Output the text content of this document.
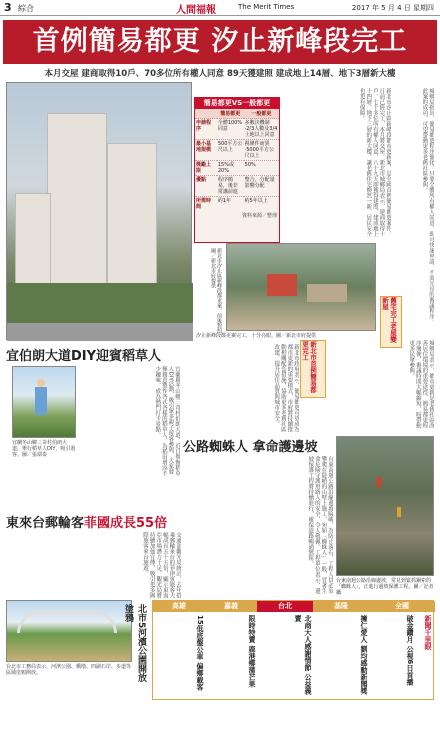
3 綜合	人間福報	The Merit Times	2017 年 5 月 4 日 星期四
首例簡易都更 汐止新峰段完工
本月交屋 建商取得10戶、70多位所有權人同意 89天獲建照 建成地上14層、地下3層新大樓
簡易都更VS一般都更
	簡易都更	一般都更
申請程序	全體100%同意	多數決機制·2/3人數及3/4土地以上同意
最小基地規模	500平方公尺以上	視條件而異·5000平方公尺以上
獎勵上限	15%或20%	50%
優點	程序簡易，後非常講前進	整合，分配量影響分配
所需時間	約1年	約5年以上
資料來源／整理	新北市汐止區新峰段都市更新案，是全國首例簡易都更案件，日前已經完工，本月將交屋。新北市城鄉局表示，建商取得十戶、七十多位所有權人同意，八十九天即獲得建照，建成地上十四層、地下三層的新大樓，讓老舊住宅煥然一新，居民安全也更有保障。	城鄉局指出，簡易都更程序簡化，只要全體所有權人同意，即可快速申請，不需冗長的審議程序。此案的成功，可望帶動更多老舊社區參與。
舊宅完工老屋變新屋
新北市汐止區新峰段都更案，前後對照。圖／新北市府提供
汐止新峰段都更案完工，十分亮眼。圖／新北市府提供
宜伯朗大道DIY迎賓稻草人
宜蘭冬山鄉三奇村伯朗大道，舉行稻草人DIY，吸引遊客。圖／張瑞泰	宜蘭縣冬山鄉三奇村伯朗大道，近日舉辦稻草人DIY活動，吸引眾多親子遊客參與，大家發揮創意製作各式各樣的稻草人，為稻田增添不少趣味，成為熱門打卡景點。	新北市政府表示，簡易都更可望成為都市更新的重要模式，市府將持續推動相關配套措施，協助更多老舊社區改建，提升居住品質與城市安全。	新北市首例簡易都更完工	城鄉局表示，都市更新是老舊社區改善居住環境的重要途徑，簡易都更程序簡便，審議時間大幅縮短，盼帶動更多民眾參與。
公路蜘蛛人 拿命護邊坡
台東南迴公路沿線邊坡險峻，為防止落石，工程人員必須攀爬在陡峭的山壁上施工，宛如「蜘蛛人」一般，冒著生命危險守護用路人的安全，令人敬佩。工程單位表示，邊坡保護工程將持續進行，確保道路暢通無阻。
台東南迴公路沿線邊坡，常見到緊抓鋼索的「蜘蛛人」，正進行邊坡保護工程。圖／記者攝
東來台郵輪客菲國成長55倍
交通部觀光局統計，去年搭乘郵輪來台的菲律賓旅客大幅成長五十五倍，顯示東南亞市場潛力十足，觀光局將持續加強宣傳，吸引更多國際旅客來台旅遊。
台北市工務局表示，河濱公園、橋墩、四副石岸、步道等區域塗鴉開放。	北市5河濱公園開放塗鴉	高雄	嘉義	台北	基隆	全國
15低底盤公車 偏鄉載客	限時特賣 鹿港鄉蒲芒果	北商大人感謝情節 公益義賣	擁仁愛人 劉均感動新聞獎	破金鑽月 公視6日首播	新聞千里眼
